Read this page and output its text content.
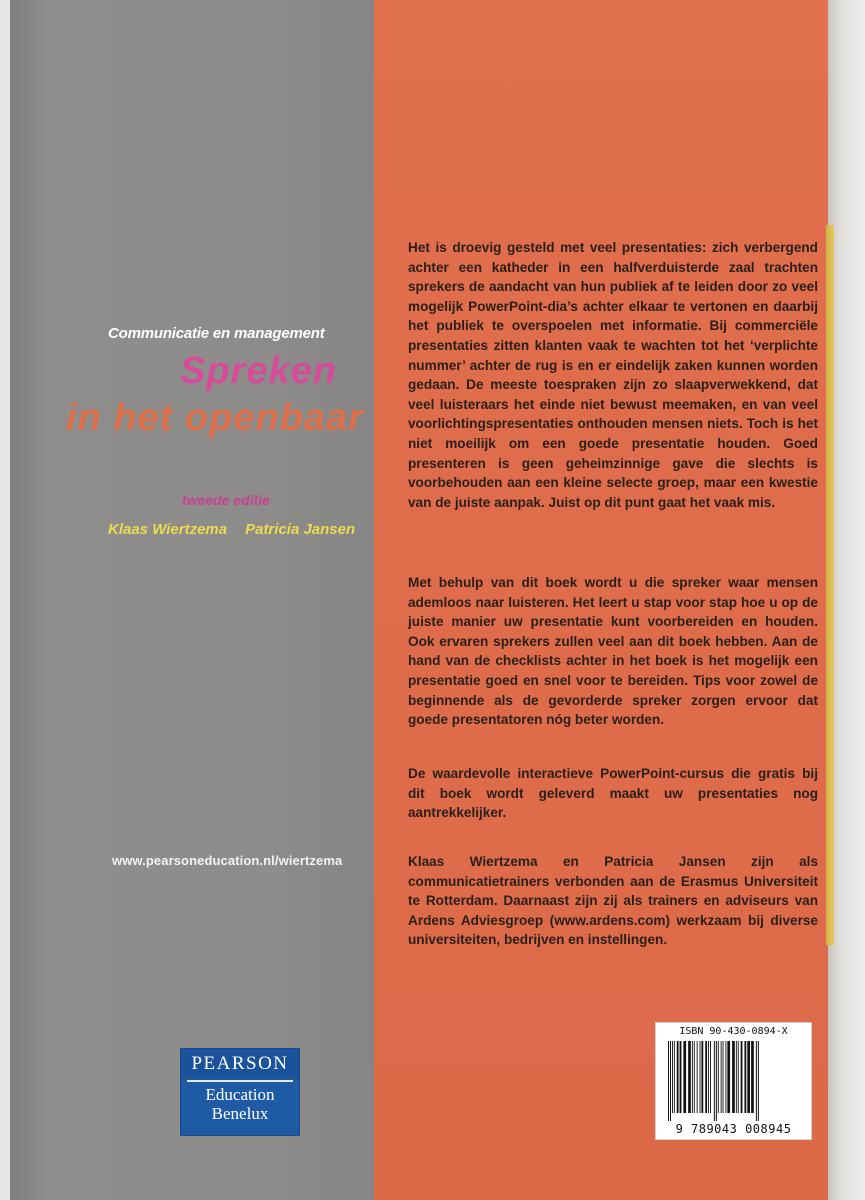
Communicatie en management
Spreken
in het openbaar
tweede editie
Klaas Wiertzema Patricia Jansen
www.pearsoneducation.nl/wiertzema
PEARSON
Education
Benelux

Het is droevig gesteld met veel presentaties: zich verbergend achter een katheder in een halfverduisterde zaal trachten sprekers de aandacht van hun publiek af te leiden door zo veel mogelijk PowerPoint-dia’s achter elkaar te vertonen en daarbij het publiek te overspoelen met informatie. Bij commerciële presentaties zitten klanten vaak te wachten tot het ‘verplichte nummer’ achter de rug is en er eindelijk zaken kunnen worden gedaan. De meeste toespraken zijn zo slaapverwekkend, dat veel luisteraars het einde niet bewust meemaken, en van veel voorlichtingspresentaties onthouden mensen niets. Toch is het niet moeilijk om een goede presentatie houden. Goed presenteren is geen geheimzinnige gave die slechts is voorbehouden aan een kleine selecte groep, maar een kwestie van de juiste aanpak. Juist op dit punt gaat het vaak mis.

Met behulp van dit boek wordt u die spreker waar mensen ademloos naar luisteren. Het leert u stap voor stap hoe u op de juiste manier uw presentatie kunt voorbereiden en houden. Ook ervaren sprekers zullen veel aan dit boek hebben. Aan de hand van de checklists achter in het boek is het mogelijk een presentatie goed en snel voor te bereiden. Tips voor zowel de beginnende als de gevorderde spreker zorgen ervoor dat goede presentatoren nóg beter worden.

De waardevolle interactieve PowerPoint-cursus die gratis bij dit boek wordt geleverd maakt uw presentaties nog aantrekkelijker.

Klaas Wiertzema en Patricia Jansen zijn als communicatietrainers verbonden aan de Erasmus Universiteit te Rotterdam. Daarnaast zijn zij als trainers en adviseurs van Ardens Adviesgroep (www.ardens.com) werkzaam bij diverse universiteiten, bedrijven en instellingen.

ISBN 90-430-0894-X
9 789043 008945
